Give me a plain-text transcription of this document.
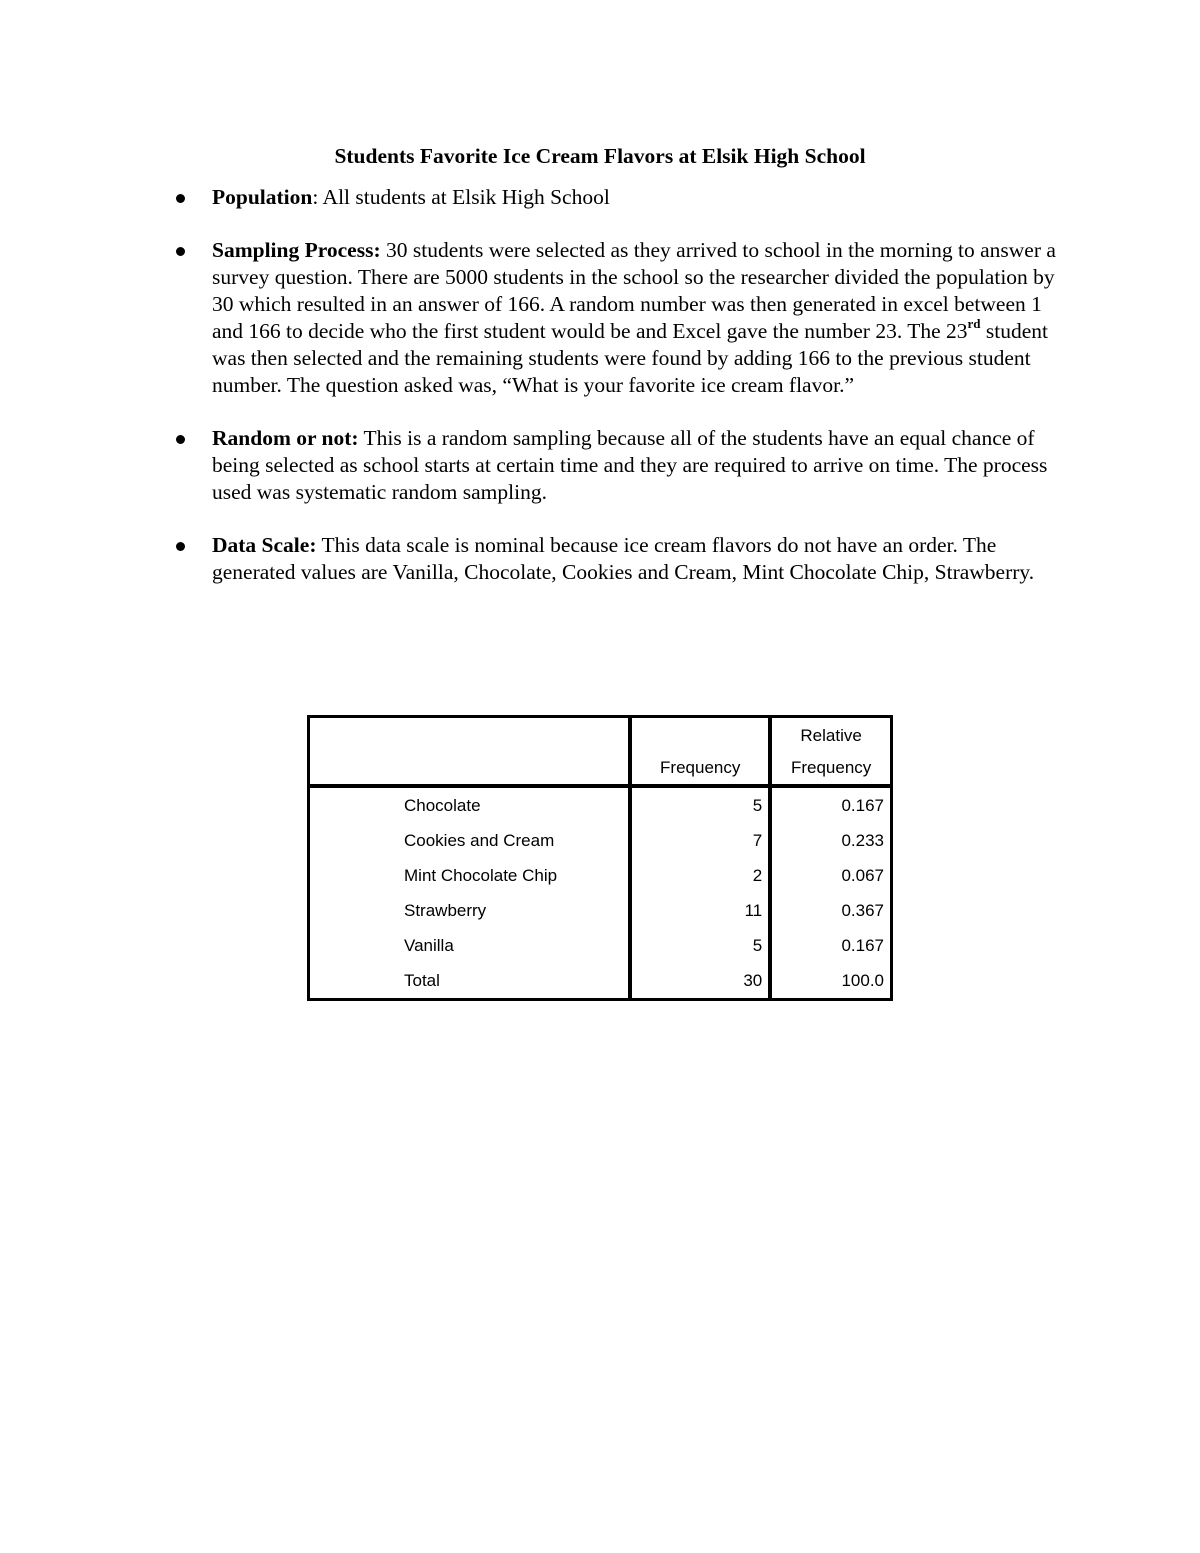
Students Favorite Ice Cream Flavors at Elsik High School
Population: All students at Elsik High School
Sampling Process: 30 students were selected as they arrived to school in the morning to answer a survey question. There are 5000 students in the school so the researcher divided the population by 30 which resulted in an answer of 166. A random number was then generated in excel between 1 and 166 to decide who the first student would be and Excel gave the number 23. The 23rd student was then selected and the remaining students were found by adding 166 to the previous student number. The question asked was, “What is your favorite ice cream flavor.”
Random or not: This is a random sampling because all of the students have an equal chance of being selected as school starts at certain time and they are required to arrive on time. The process used was systematic random sampling.
Data Scale: This data scale is nominal because ice cream flavors do not have an order. The generated values are Vanilla, Chocolate, Cookies and Cream, Mint Chocolate Chip, Strawberry.
	Frequency	Relative
Frequency
Chocolate	5	0.167
Cookies and Cream	7	0.233
Mint Chocolate Chip	2	0.067
Strawberry	11	0.367
Vanilla	5	0.167
Total	30	100.0
